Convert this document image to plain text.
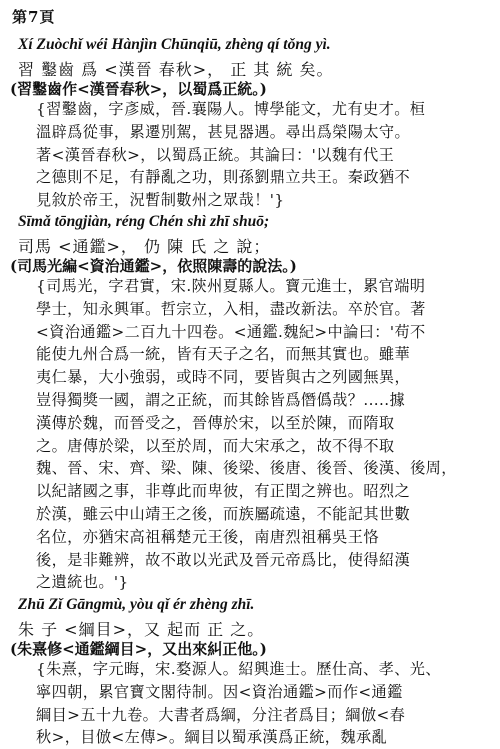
第7頁
Xí Zuòchǐ wéi Hànjìn Chūnqiū, zhèng qí tǒng yì.
習 鑿齒 爲 <漢晉 春秋>， 正 其 統 矣。
(習鑿齒作<漢晉春秋>，以蜀爲正統。)
{習鑿齒，字彥威，晉.襄陽人。博學能文，尤有史才。桓
溫辟爲從事，累遷別駕，甚見器遇。尋出爲榮陽太守。
著<漢晉春秋>，以蜀爲正統。其論曰：'以魏有代王
之德則不足，有靜亂之功，則孫劉鼎立共王。秦政猶不
見敘於帝王，況暫制數州之眾哉！'}
Sīmǎ tōngjiàn, réng Chén shì zhī shuō;
司馬 <通鑑>， 仍 陳 氏 之 說；
(司馬光編<資治通鑑>，依照陳壽的說法。)
{司馬光，字君實，宋.陝州夏縣人。寶元進士，累官端明
學士，知永興軍。哲宗立，入相，盡改新法。卒於官。著
<資治通鑑>二百九十四卷。<通鑑.魏紀>中論曰：'苟不
能使九州合爲一統，皆有天子之名，而無其實也。雖華
夷仁暴，大小強弱，或時不同，要皆與古之列國無異，
豈得獨獎一國，謂之正統，而其餘皆爲僭僞哉？.....據
漢傳於魏，而晉受之，晉傳於宋，以至於陳，而隋取
之。唐傳於梁，以至於周，而大宋承之，故不得不取
魏、晉、宋、齊、梁、陳、後梁、後唐、後晉、後漢、後周，
以紀諸國之事，非尊此而卑彼，有正閏之辨也。昭烈之
於漢，雖云中山靖王之後，而族屬疏遠，不能記其世數
名位，亦猶宋高祖稱楚元王後，南唐烈祖稱吳王恪
後，是非難辨，故不敢以光武及晉元帝爲比，使得紹漢
之遺統也。'}
Zhū Zǐ Gāngmù, yòu qǐ ér zhèng zhī.
朱 子 <綱目>，又 起而 正 之。
(朱熹修<通鑑綱目>，又出來糾正他。)
{朱熹，字元晦，宋.婺源人。紹興進士。歷仕高、孝、光、
寧四朝，累官寶文閣待制。因<資治通鑑>而作<通鑑
綱目>五十九卷。大書者爲綱，分注者爲目；綱倣<春
秋>，目倣<左傳>。綱目以蜀承漢爲正統，魏承亂
